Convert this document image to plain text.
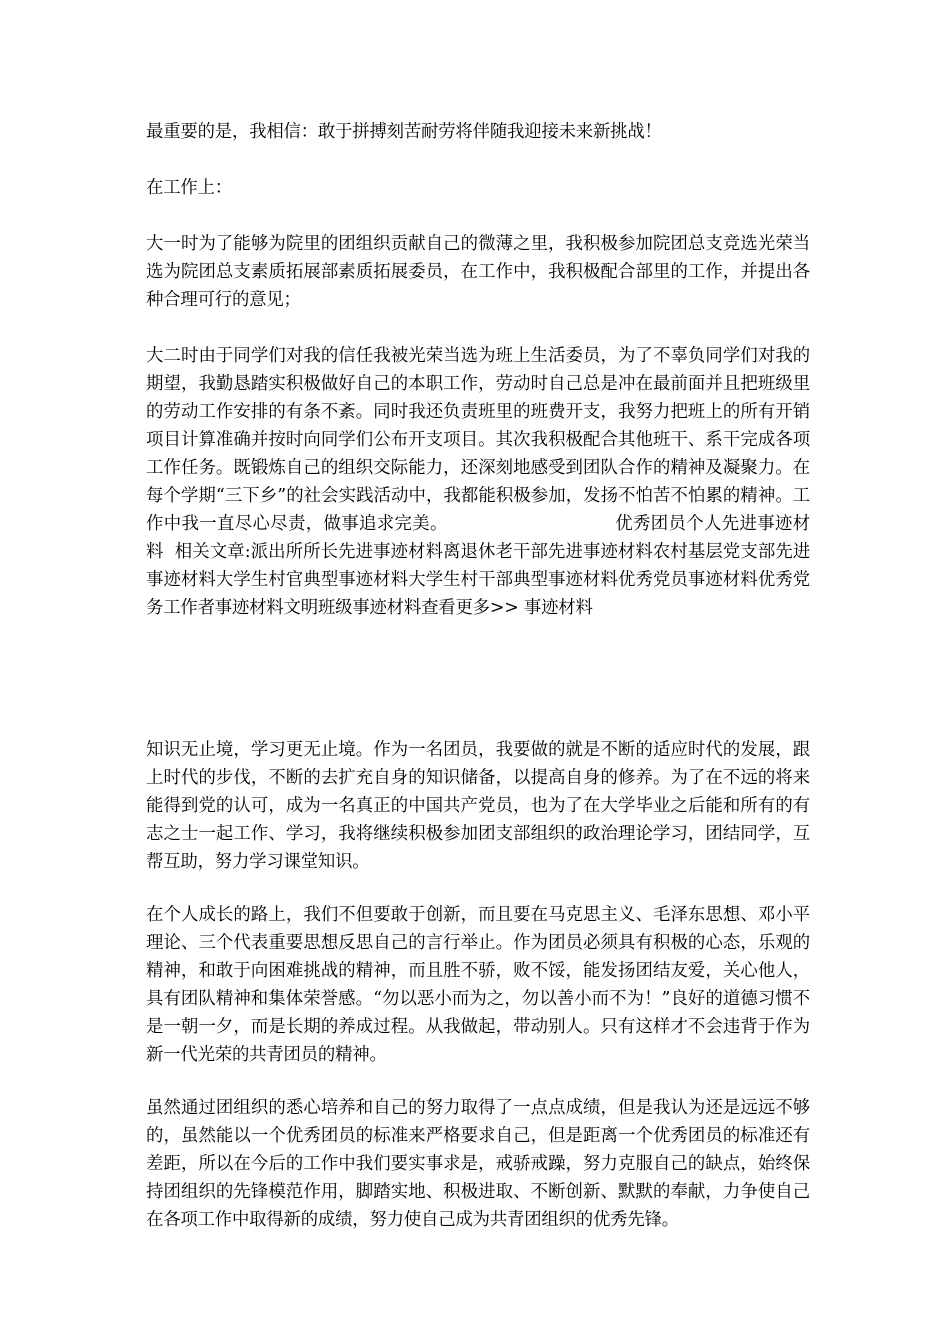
最重要的是，我相信：敢于拼搏刻苦耐劳将伴随我迎接未来新挑战！

在工作上：

大一时为了能够为院里的团组织贡献自己的微薄之里，我积极参加院团总支竞选光荣当选为院团总支素质拓展部素质拓展委员，在工作中，我积极配合部里的工作，并提出各种合理可行的意见；

大二时由于同学们对我的信任我被光荣当选为班上生活委员，为了不辜负同学们对我的期望，我勤恳踏实积极做好自己的本职工作，劳动时自己总是冲在最前面并且把班级里的劳动工作安排的有条不紊。同时我还负责班里的班费开支，我努力把班上的所有开销项目计算准确并按时向同学们公布开支项目。其次我积极配合其他班干、系干完成各项工作任务。既锻炼自己的组织交际能力，还深刻地感受到团队合作的精神及凝聚力。在每个学期“三下乡”的社会实践活动中，我都能积极参加，发扬不怕苦不怕累的精神。工作中我一直尽心尽责，做事追求完美。	优秀团员个人先进事迹材料 相关文章:派出所所长先进事迹材料离退休老干部先进事迹材料农村基层党支部先进事迹材料大学生村官典型事迹材料大学生村干部典型事迹材料优秀党员事迹材料优秀党务工作者事迹材料文明班级事迹材料查看更多>> 事迹材料

知识无止境，学习更无止境。作为一名团员，我要做的就是不断的适应时代的发展，跟上时代的步伐，不断的去扩充自身的知识储备，以提高自身的修养。为了在不远的将来能得到党的认可，成为一名真正的中国共产党员，也为了在大学毕业之后能和所有的有志之士一起工作、学习，我将继续积极参加团支部组织的政治理论学习，团结同学，互帮互助，努力学习课堂知识。

在个人成长的路上，我们不但要敢于创新，而且要在马克思主义、毛泽东思想、邓小平理论、三个代表重要思想反思自己的言行举止。作为团员必须具有积极的心态，乐观的精神，和敢于向困难挑战的精神，而且胜不骄，败不馁，能发扬团结友爱，关心他人，具有团队精神和集体荣誉感。“勿以恶小而为之，勿以善小而不为！”良好的道德习惯不是一朝一夕，而是长期的养成过程。从我做起，带动别人。只有这样才不会违背于作为新一代光荣的共青团员的精神。

虽然通过团组织的悉心培养和自己的努力取得了一点点成绩，但是我认为还是远远不够的，虽然能以一个优秀团员的标准来严格要求自己，但是距离一个优秀团员的标准还有差距，所以在今后的工作中我们要实事求是，戒骄戒躁，努力克服自己的缺点，始终保持团组织的先锋模范作用，脚踏实地、积极进取、不断创新、默默的奉献，力争使自己在各项工作中取得新的成绩，努力使自己成为共青团组织的优秀先锋。
